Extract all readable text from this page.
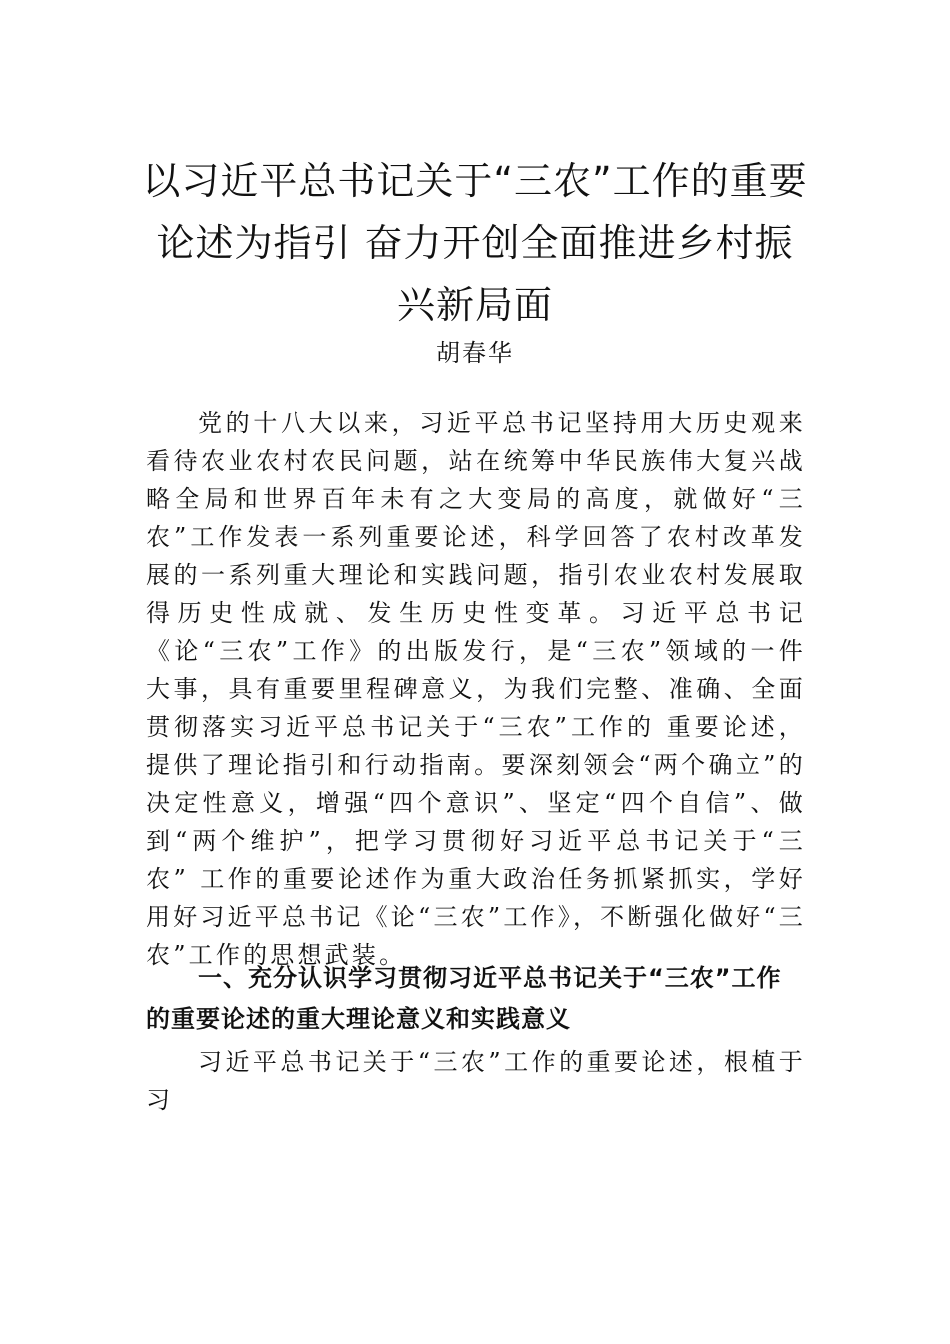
以习近平总书记关于“三农”工作的重要论述为指引 奋力开创全面推进乡村振兴新局面

胡春华

党的十八大以来，习近平总书记坚持用大历史观来看待农业农村农民问题，站在统筹中华民族伟大复兴战略全局和世界百年未有之大变局的高度，就做好“三农”工作发表一系列重要论述，科学回答了农村改革发展的一系列重大理论和实践问题，指引农业农村发展取得历史性成就、发生历史性变革。习近平总书记《论“三农”工作》的出版发行，是“三农”领域的一件大事，具有重要里程碑意义，为我们完整、准确、全面贯彻落实习近平总书记关于“三农”工作的 重要论述，提供了理论指引和行动指南。要深刻领会“两个确立”的决定性意义，增强“四个意识”、坚定“四个自信”、做到“两个维护”，把学习贯彻好习近平总书记关于“三农” 工作的重要论述作为重大政治任务抓紧抓实，学好用好习近平总书记《论“三农”工作》，不断强化做好“三农”工作的思想武装。

一、充分认识学习贯彻习近平总书记关于“三农”工作的重要论述的重大理论意义和实践意义

习近平总书记关于“三农”工作的重要论述，根植于习
